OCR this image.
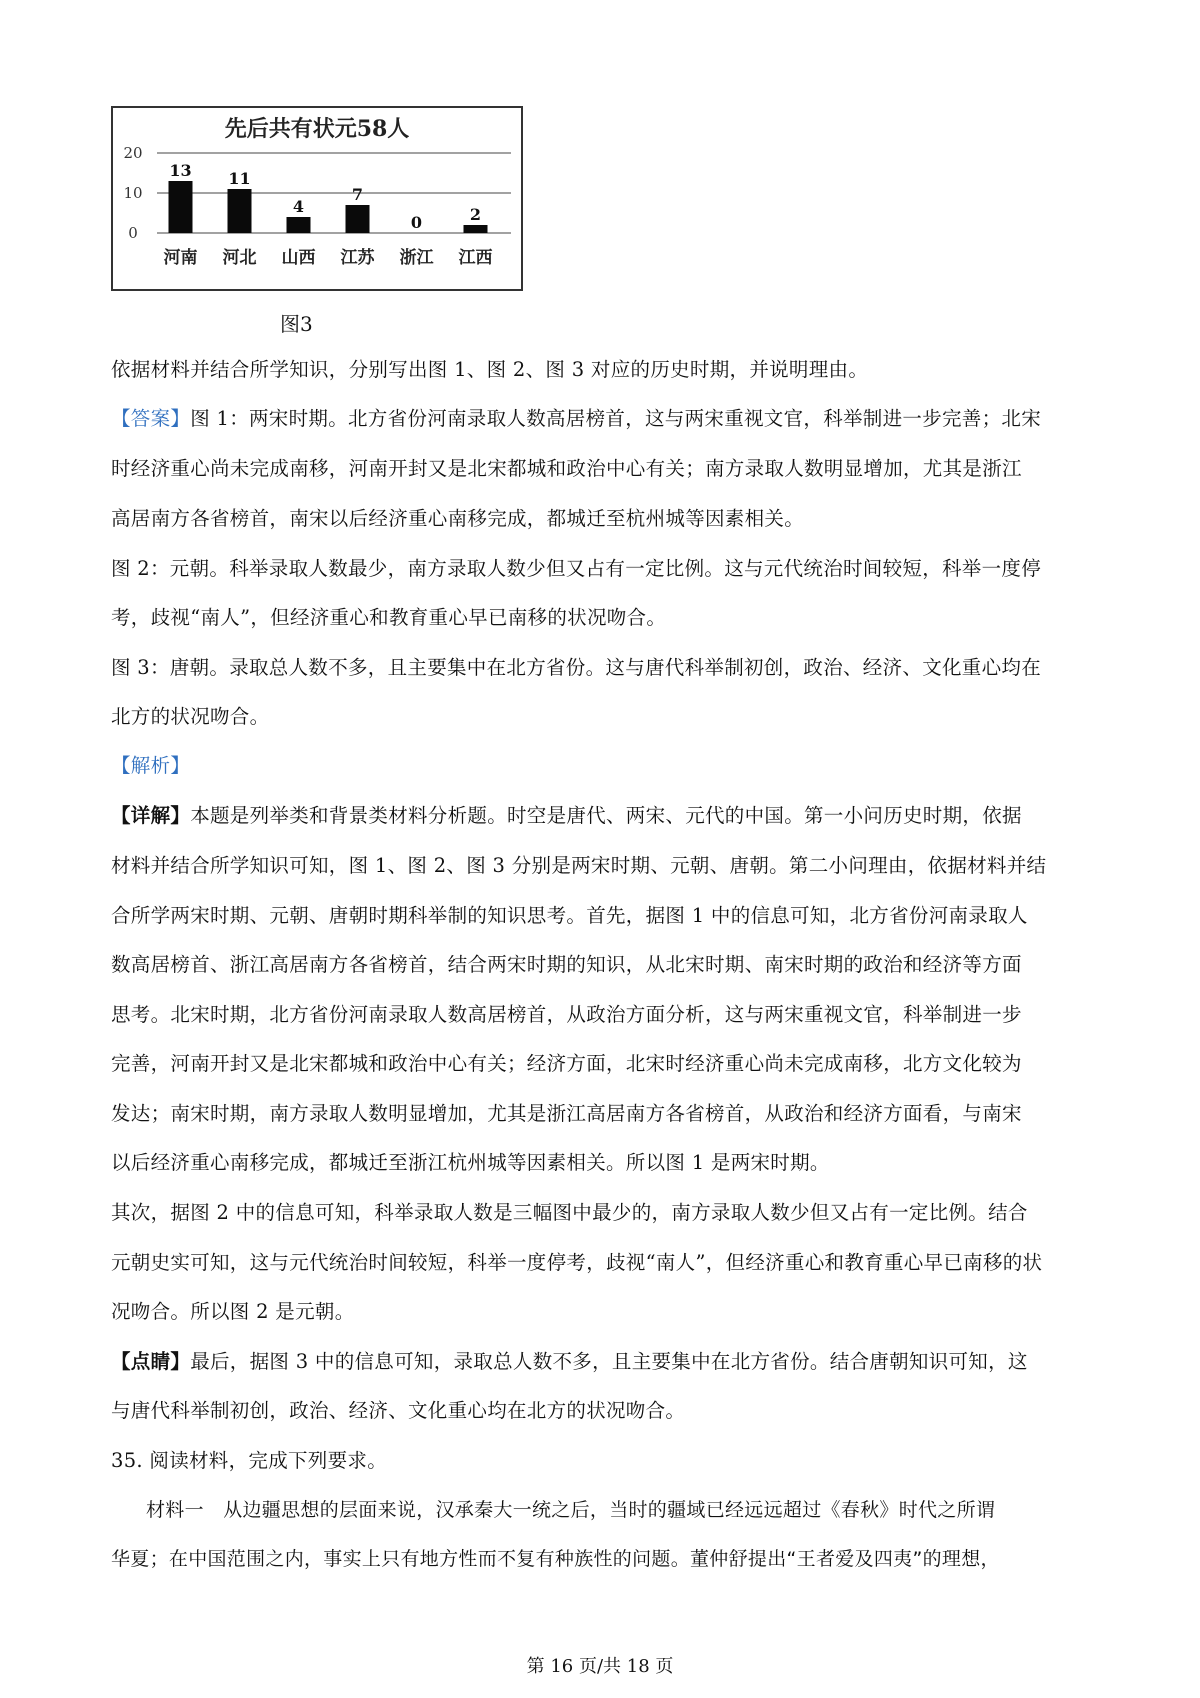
先后共有状元58人
0
10
20
13
河南
11
河北
4
山西
7
江苏
0
浙江
2
江西
图3
依据材料并结合所学知识，分别写出图 1、图 2、图 3 对应的历史时期，并说明理由。
【答案】图 1：两宋时期。北方省份河南录取人数高居榜首，这与两宋重视文官，科举制进一步完善；北宋
时经济重心尚未完成南移，河南开封又是北宋都城和政治中心有关；南方录取人数明显增加，尤其是浙江
高居南方各省榜首，南宋以后经济重心南移完成，都城迁至杭州城等因素相关。
图 2：元朝。科举录取人数最少，南方录取人数少但又占有一定比例。这与元代统治时间较短，科举一度停
考，歧视“南人”，但经济重心和教育重心早已南移的状况吻合。
图 3：唐朝。录取总人数不多，且主要集中在北方省份。这与唐代科举制初创，政治、经济、文化重心均在
北方的状况吻合。
【解析】
【详解】本题是列举类和背景类材料分析题。时空是唐代、两宋、元代的中国。第一小问历史时期，依据
材料并结合所学知识可知，图 1、图 2、图 3 分别是两宋时期、元朝、唐朝。第二小问理由，依据材料并结
合所学两宋时期、元朝、唐朝时期科举制的知识思考。首先，据图 1 中的信息可知，北方省份河南录取人
数高居榜首、浙江高居南方各省榜首，结合两宋时期的知识，从北宋时期、南宋时期的政治和经济等方面
思考。北宋时期，北方省份河南录取人数高居榜首，从政治方面分析，这与两宋重视文官，科举制进一步
完善，河南开封又是北宋都城和政治中心有关；经济方面，北宋时经济重心尚未完成南移，北方文化较为
发达；南宋时期，南方录取人数明显增加，尤其是浙江高居南方各省榜首，从政治和经济方面看，与南宋
以后经济重心南移完成，都城迁至浙江杭州城等因素相关。所以图 1 是两宋时期。
其次，据图 2 中的信息可知，科举录取人数是三幅图中最少的，南方录取人数少但又占有一定比例。结合
元朝史实可知，这与元代统治时间较短，科举一度停考，歧视“南人”，但经济重心和教育重心早已南移的状
况吻合。所以图 2 是元朝。
【点睛】最后，据图 3 中的信息可知，录取总人数不多，且主要集中在北方省份。结合唐朝知识可知，这
与唐代科举制初创，政治、经济、文化重心均在北方的状况吻合。
35. 阅读材料，完成下列要求。
材料一　从边疆思想的层面来说，汉承秦大一统之后，当时的疆域已经远远超过《春秋》时代之所谓
华夏；在中国范围之内，事实上只有地方性而不复有种族性的问题。董仲舒提出“王者爱及四夷”的理想，
第 16 页/共 18 页
